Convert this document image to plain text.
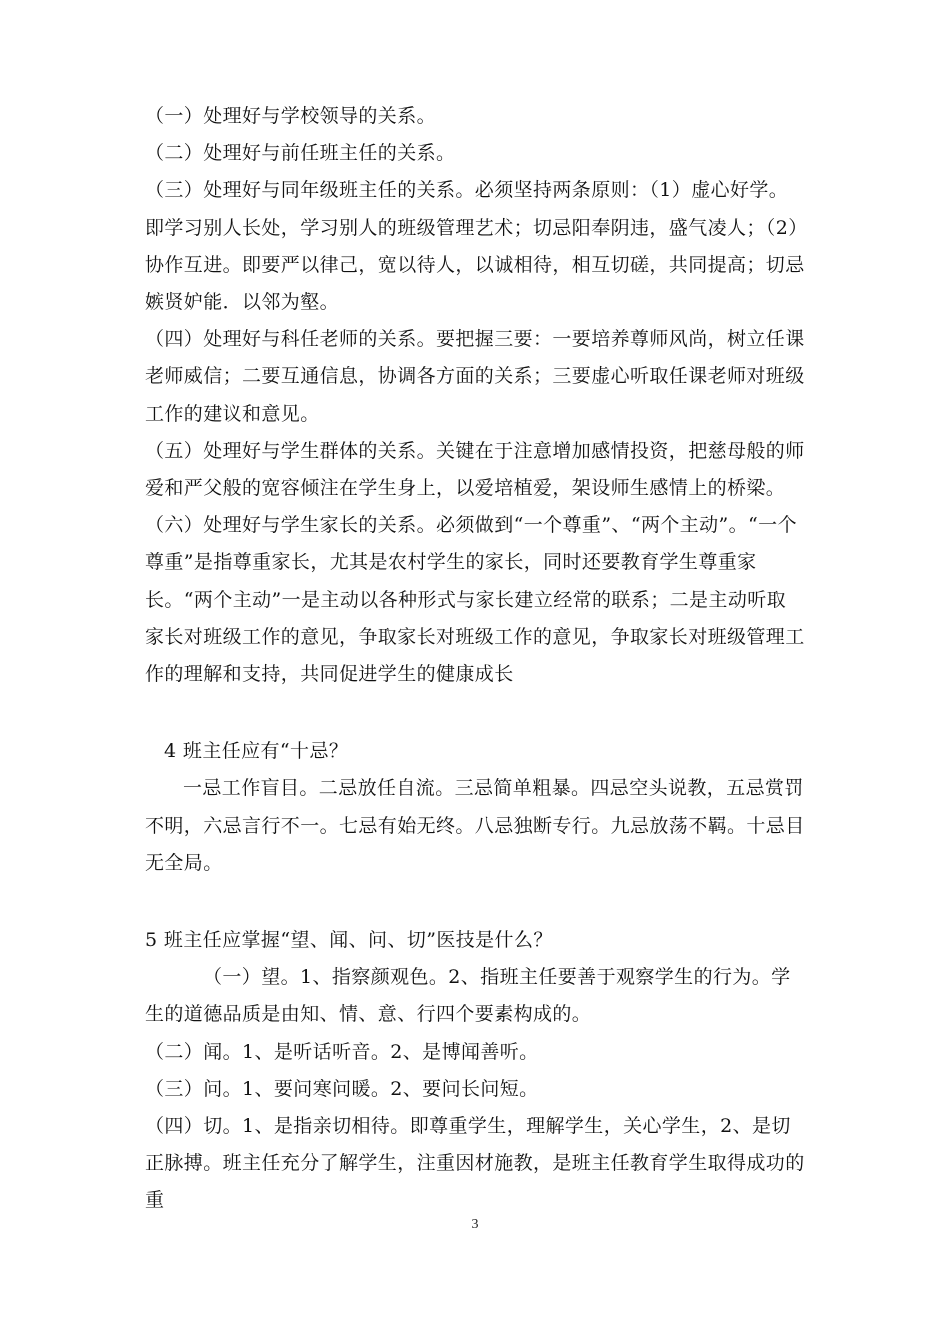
（一）处理好与学校领导的关系。

（二）处理好与前任班主任的关系。

（三）处理好与同年级班主任的关系。必须坚持两条原则：（1）虚心好学。即学习别人长处，学习别人的班级管理艺术；切忌阳奉阴违，盛气凌人；（2）协作互进。即要严以律己，宽以待人，以诚相待，相互切磋，共同提高；切忌嫉贤妒能．以邻为壑。

（四）处理好与科任老师的关系。要把握三要：一要培养尊师风尚，树立任课老师威信；二要互通信息，协调各方面的关系；三要虚心听取任课老师对班级工作的建议和意见。

（五）处理好与学生群体的关系。关键在于注意增加感情投资，把慈母般的师爱和严父般的宽容倾注在学生身上，以爱培植爱，架设师生感情上的桥梁。

（六）处理好与学生家长的关系。必须做到“一个尊重”、“两个主动”。“一个尊重”是指尊重家长，尤其是农村学生的家长，同时还要教育学生尊重家长。“两个主动”一是主动以各种形式与家长建立经常的联系；二是主动听取家长对班级工作的意见，争取家长对班级工作的意见，争取家长对班级管理工作的理解和支持，共同促进学生的健康成长

4 班主任应有“十忌？

一忌工作盲目。二忌放任自流。三忌简单粗暴。四忌空头说教，五忌赏罚不明，六忌言行不一。七忌有始无终。八忌独断专行。九忌放荡不羁。十忌目无全局。

5 班主任应掌握“望、闻、问、切”医技是什么？

（一）望。1、指察颜观色。2、指班主任要善于观察学生的行为。学生的道德品质是由知、情、意、行四个要素构成的。

（二）闻。1、是听话听音。2、是博闻善听。

（三）问。1、要问寒问暖。2、要问长问短。

（四）切。1、是指亲切相待。即尊重学生，理解学生，关心学生，2、是切正脉搏。班主任充分了解学生，注重因材施教，是班主任教育学生取得成功的重

3
